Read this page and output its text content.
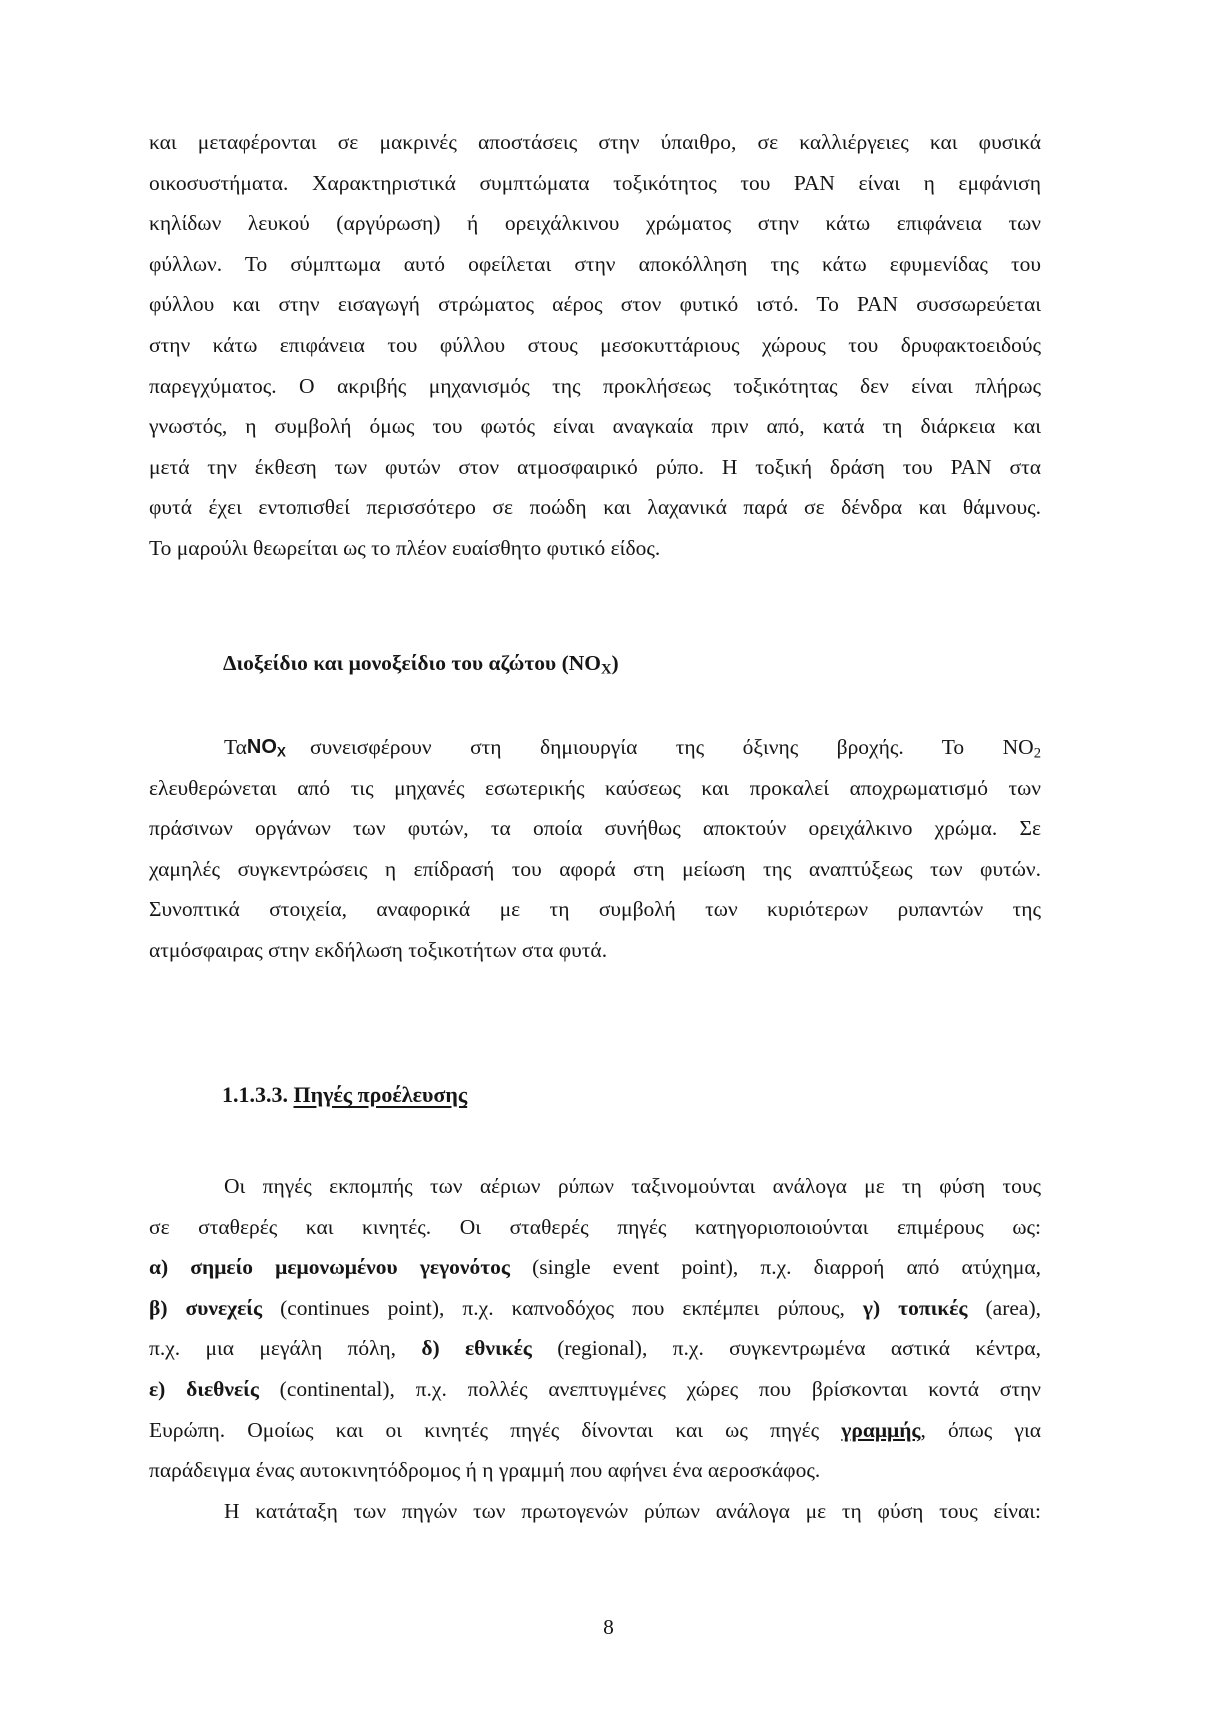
και μεταφέρονται σε μακρινές αποστάσεις στην ύπαιθρο, σε καλλιέργειες και φυσικά
οικοσυστήματα. Χαρακτηριστικά συμπτώματα τοξικότητος του PAN είναι η εμφάνιση
κηλίδων λευκού (αργύρωση) ή ορειχάλκινου χρώματος στην κάτω επιφάνεια των
φύλλων. Το σύμπτωμα αυτό οφείλεται στην αποκόλληση της κάτω εφυμενίδας του
φύλλου και στην εισαγωγή στρώματος αέρος στον φυτικό ιστό. Το PAN συσσωρεύεται
στην κάτω επιφάνεια του φύλλου στους μεσοκυττάριους χώρους του δρυφακτοειδούς
παρεγχύματος. Ο ακριβής μηχανισμός της προκλήσεως τοξικότητας δεν είναι πλήρως
γνωστός, η συμβολή όμως του φωτός είναι αναγκαία πριν από, κατά τη διάρκεια και
μετά την έκθεση των φυτών στον ατμοσφαιρικό ρύπο. Η τοξική δράση του PAN στα
φυτά έχει εντοπισθεί περισσότερο σε ποώδη και λαχανικά παρά σε δένδρα και θάμνους.
Το μαρούλι θεωρείται ως το πλέον ευαίσθητο φυτικό είδος.
Διοξείδιο και μονοξείδιο του αζώτου $(NO_X)$
Τα $NO_X$ συνεισφέρουν στη δημιουργία της όξινης βροχής. Το $NO_2$
ελευθερώνεται από τις μηχανές εσωτερικής καύσεως και προκαλεί αποχρωματισμό των
πράσινων οργάνων των φυτών, τα οποία συνήθως αποκτούν ορειχάλκινο χρώμα. Σε
χαμηλές συγκεντρώσεις η επίδρασή του αφορά στη μείωση της αναπτύξεως των φυτών.
Συνοπτικά στοιχεία, αναφορικά με τη συμβολή των κυριότερων ρυπαντών της
ατμόσφαιρας στην εκδήλωση τοξικοτήτων στα φυτά.
1.1.3.3. Πηγές προέλευσης
Οι πηγές εκπομπής των αέριων ρύπων ταξινομούνται ανάλογα με τη φύση τους
σε σταθερές και κινητές. Οι σταθερές πηγές κατηγοριοποιούνται επιμέρους ως:
α) σημείο μεμονωμένου γεγονότος (single event point), π.χ. διαρροή από ατύχημα,
β) συνεχείς (continues point), π.χ. καπνοδόχος που εκπέμπει ρύπους, γ) τοπικές (area),
π.χ. μια μεγάλη πόλη, δ) εθνικές (regional), π.χ. συγκεντρωμένα αστικά κέντρα,
ε) διεθνείς (continental), π.χ. πολλές ανεπτυγμένες χώρες που βρίσκονται κοντά στην
Ευρώπη. Ομοίως και οι κινητές πηγές δίνονται και ως πηγές γραμμής, όπως για
παράδειγμα ένας αυτοκινητόδρομος ή η γραμμή που αφήνει ένα αεροσκάφος.
Η κατάταξη των πηγών των πρωτογενών ρύπων ανάλογα με τη φύση τους είναι:
8
